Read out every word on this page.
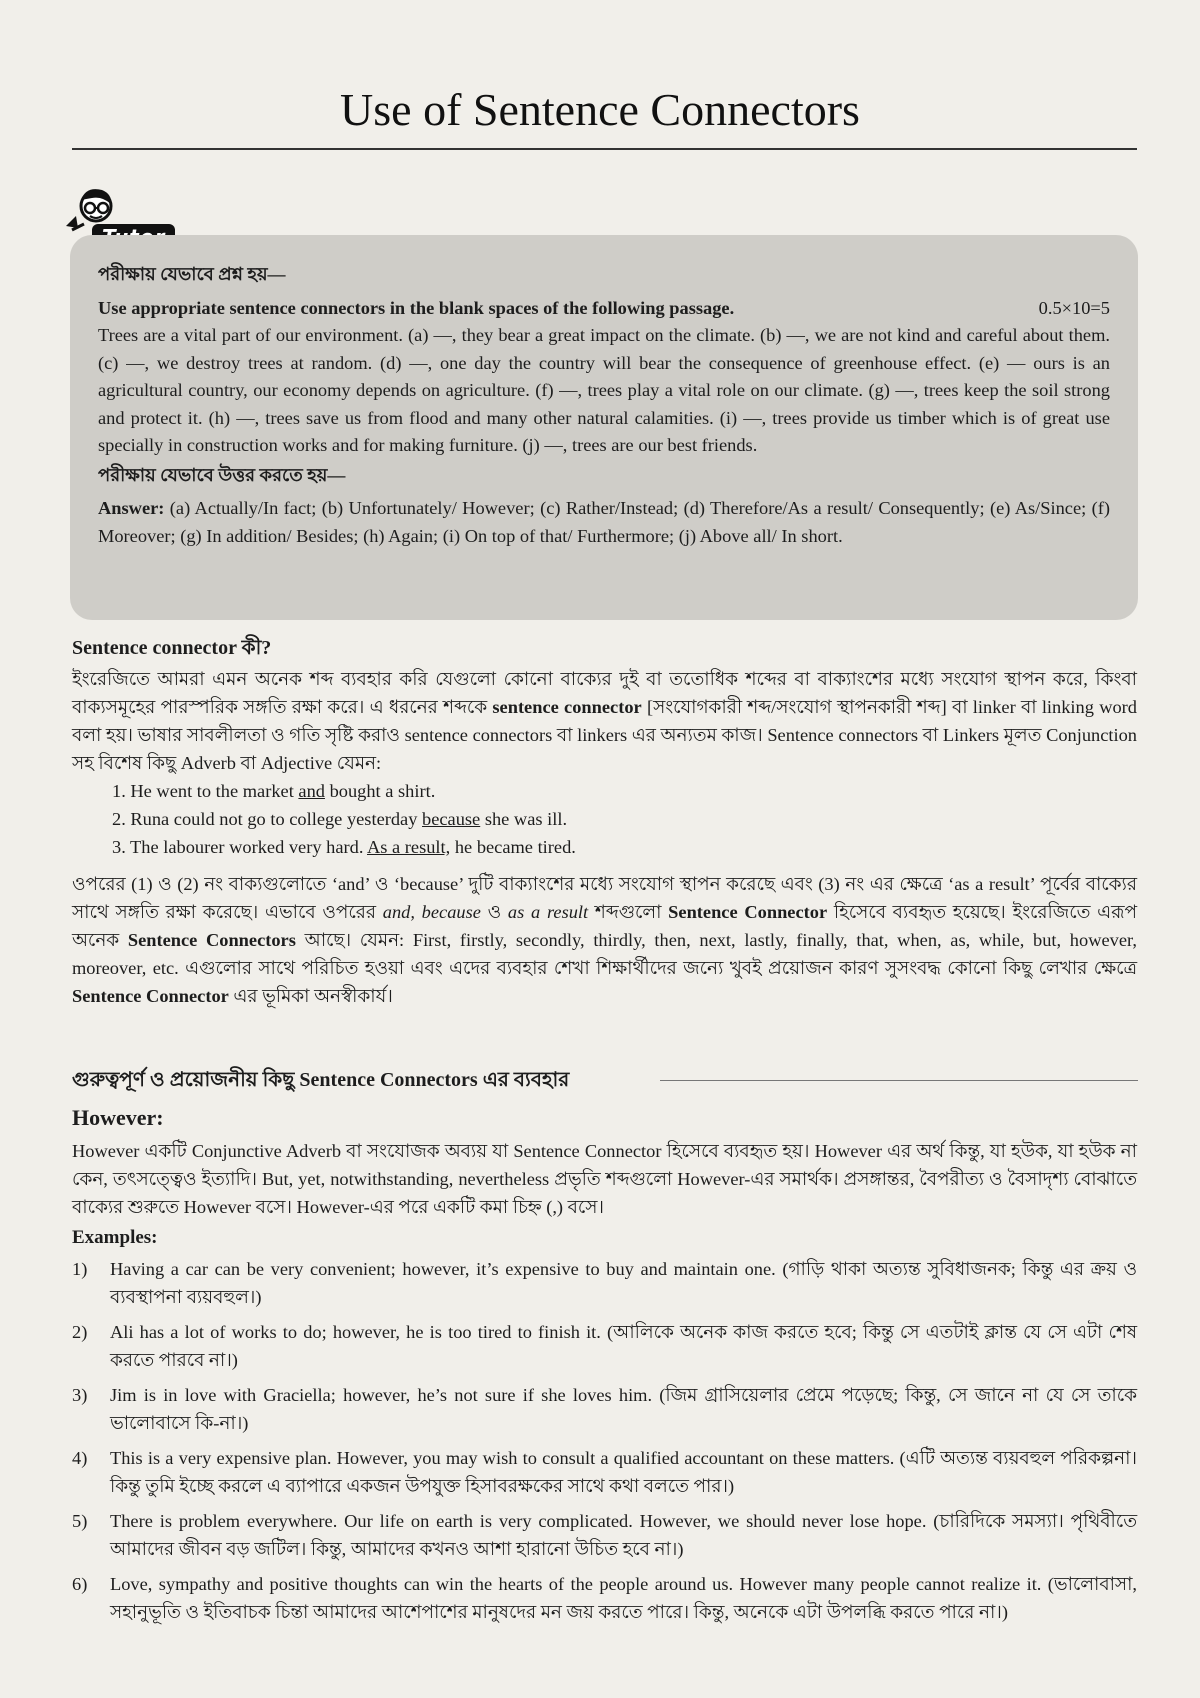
Use of Sentence Connectors
পরীক্ষায় যেভাবে প্রশ্ন হয়—
Use appropriate sentence connectors in the blank spaces of the following passage.	0.5×10=5
Trees are a vital part of our environment. (a) —, they bear a great impact on the climate. (b) —, we are not kind and careful about them. (c) —, we destroy trees at random. (d) —, one day the country will bear the consequence of greenhouse effect. (e) — ours is an agricultural country, our economy depends on agriculture. (f) —, trees play a vital role on our climate. (g) —, trees keep the soil strong and protect it. (h) —, trees save us from flood and many other natural calamities. (i) —, trees provide us timber which is of great use specially in construction works and for making furniture. (j) —, trees are our best friends.
পরীক্ষায় যেভাবে উত্তর করতে হয়—
Answer: (a) Actually/In fact; (b) Unfortunately/ However; (c) Rather/Instead; (d) Therefore/As a result/ Consequently; (e) As/Since; (f) Moreover; (g) In addition/ Besides; (h) Again; (i) On top of that/ Furthermore; (j) Above all/ In short.
Sentence connector কী?

ইংরেজিতে আমরা এমন অনেক শব্দ ব্যবহার করি যেগুলো কোনো বাক্যের দুই বা ততোধিক শব্দের বা বাক্যাংশের মধ্যে সংযোগ স্থাপন করে, কিংবা বাক্যসমূহের পারস্পরিক সঙ্গতি রক্ষা করে। এ ধরনের শব্দকে sentence connector [সংযোগকারী শব্দ/সংযোগ স্থাপনকারী শব্দ] বা linker বা linking word বলা হয়। ভাষার সাবলীলতা ও গতি সৃষ্টি করাও sentence connectors বা linkers এর অন্যতম কাজ। Sentence connectors বা Linkers মূলত Conjunction সহ বিশেষ কিছু Adverb বা Adjective যেমন:

1. He went to the market and bought a shirt.
2. Runa could not go to college yesterday because she was ill.
3. The labourer worked very hard. As a result, he became tired.

ওপরের (1) ও (2) নং বাক্যগুলোতে ‘and’ ও ‘because’ দুটি বাক্যাংশের মধ্যে সংযোগ স্থাপন করেছে এবং (3) নং এর ক্ষেত্রে ‘as a result’ পূর্বের বাক্যের সাথে সঙ্গতি রক্ষা করেছে। এভাবে ওপরের and, because ও as a result শব্দগুলো Sentence Connector হিসেবে ব্যবহৃত হয়েছে। ইংরেজিতে এরূপ অনেক Sentence Connectors আছে। যেমন: First, firstly, secondly, thirdly, then, next, lastly, finally, that, when, as, while, but, however, moreover, etc. এগুলোর সাথে পরিচিত হওয়া এবং এদের ব্যবহার শেখা শিক্ষার্থীদের জন্যে খুবই প্রয়োজন কারণ সুসংবদ্ধ কোনো কিছু লেখার ক্ষেত্রে Sentence Connector এর ভূমিকা অনস্বীকার্য।

গুরুত্বপূর্ণ ও প্রয়োজনীয় কিছু Sentence Connectors এর ব্যবহার
However:

However একটি Conjunctive Adverb বা সংযোজক অব্যয় যা Sentence Connector হিসেবে ব্যবহৃত হয়। However এর অর্থ কিন্তু, যা হউক, যা হউক না কেন, তৎসত্ত্বেও ইত্যাদি। But, yet, notwithstanding, nevertheless প্রভৃতি শব্দগুলো However-এর সমার্থক। প্রসঙ্গান্তর, বৈপরীত্য ও বৈসাদৃশ্য বোঝাতে বাক্যের শুরুতে However বসে। However-এর পরে একটি কমা চিহ্ন (,) বসে।

Examples:
1)	Having a car can be very convenient; however, it’s expensive to buy and maintain one. (গাড়ি থাকা অত্যন্ত সুবিধাজনক; কিন্তু এর ক্রয় ও ব্যবস্থাপনা ব্যয়বহুল।)
2)	Ali has a lot of works to do; however, he is too tired to finish it. (আলিকে অনেক কাজ করতে হবে; কিন্তু সে এতটাই ক্লান্ত যে সে এটা শেষ করতে পারবে না।)
3)	Jim is in love with Graciella; however, he’s not sure if she loves him. (জিম গ্রাসিয়েলার প্রেমে পড়েছে; কিন্তু, সে জানে না যে সে তাকে ভালোবাসে কি-না।)
4)	This is a very expensive plan. However, you may wish to consult a qualified accountant on these matters. (এটি অত্যন্ত ব্যয়বহুল পরিকল্পনা। কিন্তু তুমি ইচ্ছে করলে এ ব্যাপারে একজন উপযুক্ত হিসাবরক্ষকের সাথে কথা বলতে পার।)
5)	There is problem everywhere. Our life on earth is very complicated. However, we should never lose hope. (চারিদিকে সমস্যা। পৃথিবীতে আমাদের জীবন বড় জটিল। কিন্তু, আমাদের কখনও আশা হারানো উচিত হবে না।)
6)	Love, sympathy and positive thoughts can win the hearts of the people around us. However many people cannot realize it. (ভালোবাসা, সহানুভূতি ও ইতিবাচক চিন্তা আমাদের আশেপাশের মানুষদের মন জয় করতে পারে। কিন্তু, অনেকে এটা উপলব্ধি করতে পারে না।)
